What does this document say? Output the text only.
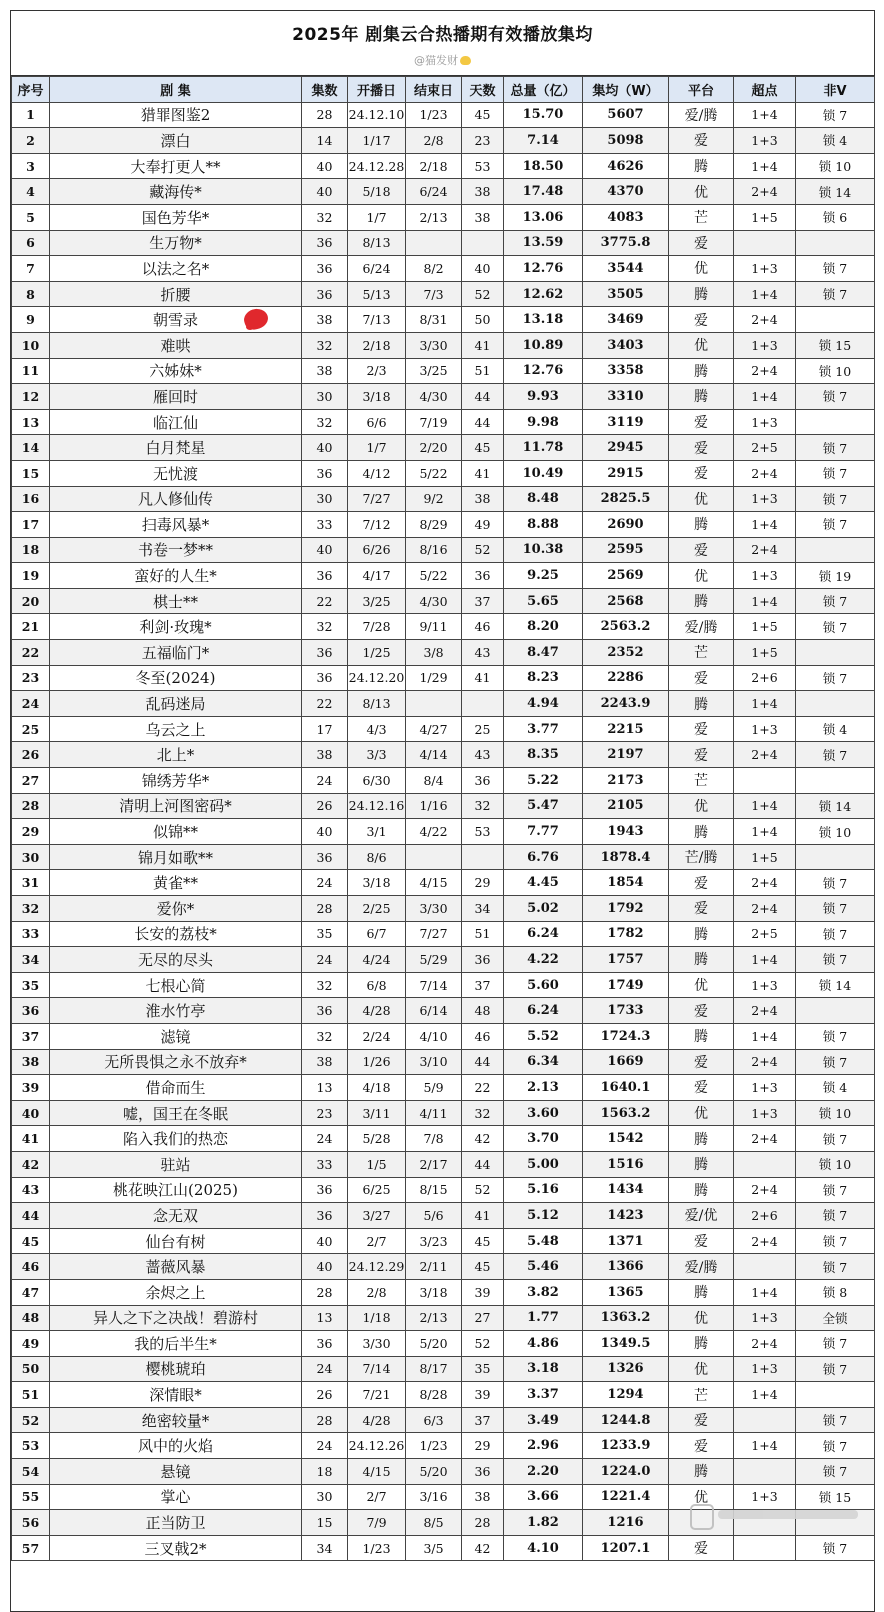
2025年 剧集云合热播期有效播放集均
@猫发财
序号	剧 集	集数	开播日	结束日	天数	总量（亿）	集均（W）	平台	超点	非V
1	猎罪图鉴2	28	24.12.10	1/23	45	15.70	5607	爱/腾	1+4	锁 7
2	漂白	14	1/17	2/8	23	7.14	5098	爱	1+3	锁 4
3	大奉打更人**	40	24.12.28	2/18	53	18.50	4626	腾	1+4	锁 10
4	藏海传*	40	5/18	6/24	38	17.48	4370	优	2+4	锁 14
5	国色芳华*	32	1/7	2/13	38	13.06	4083	芒	1+5	锁 6
6	生万物*	36	8/13			13.59	3775.8	爱		
7	以法之名*	36	6/24	8/2	40	12.76	3544	优	1+3	锁 7
8	折腰	36	5/13	7/3	52	12.62	3505	腾	1+4	锁 7
9	朝雪录	38	7/13	8/31	50	13.18	3469	爱	2+4	
10	难哄	32	2/18	3/30	41	10.89	3403	优	1+3	锁 15
11	六姊妹*	38	2/3	3/25	51	12.76	3358	腾	2+4	锁 10
12	雁回时	30	3/18	4/30	44	9.93	3310	腾	1+4	锁 7
13	临江仙	32	6/6	7/19	44	9.98	3119	爱	1+3	
14	白月梵星	40	1/7	2/20	45	11.78	2945	爱	2+5	锁 7
15	无忧渡	36	4/12	5/22	41	10.49	2915	爱	2+4	锁 7
16	凡人修仙传	30	7/27	9/2	38	8.48	2825.5	优	1+3	锁 7
17	扫毒风暴*	33	7/12	8/29	49	8.88	2690	腾	1+4	锁 7
18	书卷一梦**	40	6/26	8/16	52	10.38	2595	爱	2+4	
19	蛮好的人生*	36	4/17	5/22	36	9.25	2569	优	1+3	锁 19
20	棋士**	22	3/25	4/30	37	5.65	2568	腾	1+4	锁 7
21	利剑·玫瑰*	32	7/28	9/11	46	8.20	2563.2	爱/腾	1+5	锁 7
22	五福临门*	36	1/25	3/8	43	8.47	2352	芒	1+5	
23	冬至(2024)	36	24.12.20	1/29	41	8.23	2286	爱	2+6	锁 7
24	乱码迷局	22	8/13			4.94	2243.9	腾	1+4	
25	乌云之上	17	4/3	4/27	25	3.77	2215	爱	1+3	锁 4
26	北上*	38	3/3	4/14	43	8.35	2197	爱	2+4	锁 7
27	锦绣芳华*	24	6/30	8/4	36	5.22	2173	芒		
28	清明上河图密码*	26	24.12.16	1/16	32	5.47	2105	优	1+4	锁 14
29	似锦**	40	3/1	4/22	53	7.77	1943	腾	1+4	锁 10
30	锦月如歌**	36	8/6			6.76	1878.4	芒/腾	1+5	
31	黄雀**	24	3/18	4/15	29	4.45	1854	爱	2+4	锁 7
32	爱你*	28	2/25	3/30	34	5.02	1792	爱	2+4	锁 7
33	长安的荔枝*	35	6/7	7/27	51	6.24	1782	腾	2+5	锁 7
34	无尽的尽头	24	4/24	5/29	36	4.22	1757	腾	1+4	锁 7
35	七根心简	32	6/8	7/14	37	5.60	1749	优	1+3	锁 14
36	淮水竹亭	36	4/28	6/14	48	6.24	1733	爱	2+4	
37	滤镜	32	2/24	4/10	46	5.52	1724.3	腾	1+4	锁 7
38	无所畏惧之永不放弃*	38	1/26	3/10	44	6.34	1669	爱	2+4	锁 7
39	借命而生	13	4/18	5/9	22	2.13	1640.1	爱	1+3	锁 4
40	嘘，国王在冬眠	23	3/11	4/11	32	3.60	1563.2	优	1+3	锁 10
41	陷入我们的热恋	24	5/28	7/8	42	3.70	1542	腾	2+4	锁 7
42	驻站	33	1/5	2/17	44	5.00	1516	腾		锁 10
43	桃花映江山(2025)	36	6/25	8/15	52	5.16	1434	腾	2+4	锁 7
44	念无双	36	3/27	5/6	41	5.12	1423	爱/优	2+6	锁 7
45	仙台有树	40	2/7	3/23	45	5.48	1371	爱	2+4	锁 7
46	蔷薇风暴	40	24.12.29	2/11	45	5.46	1366	爱/腾		锁 7
47	余烬之上	28	2/8	3/18	39	3.82	1365	腾	1+4	锁 8
48	异人之下之决战！碧游村	13	1/18	2/13	27	1.77	1363.2	优	1+3	全锁
49	我的后半生*	36	3/30	5/20	52	4.86	1349.5	腾	2+4	锁 7
50	樱桃琥珀	24	7/14	8/17	35	3.18	1326	优	1+3	锁 7
51	深情眼*	26	7/21	8/28	39	3.37	1294	芒	1+4	
52	绝密较量*	28	4/28	6/3	37	3.49	1244.8	爱		锁 7
53	风中的火焰	24	24.12.26	1/23	29	2.96	1233.9	爱	1+4	锁 7
54	悬镜	18	4/15	5/20	36	2.20	1224.0	腾		锁 7
55	掌心	30	2/7	3/16	38	3.66	1221.4	优	1+3	锁 15
56	正当防卫	15	7/9	8/5	28	1.82	1216			
57	三叉戟2*	34	1/23	3/5	42	4.10	1207.1	爱		锁 7
